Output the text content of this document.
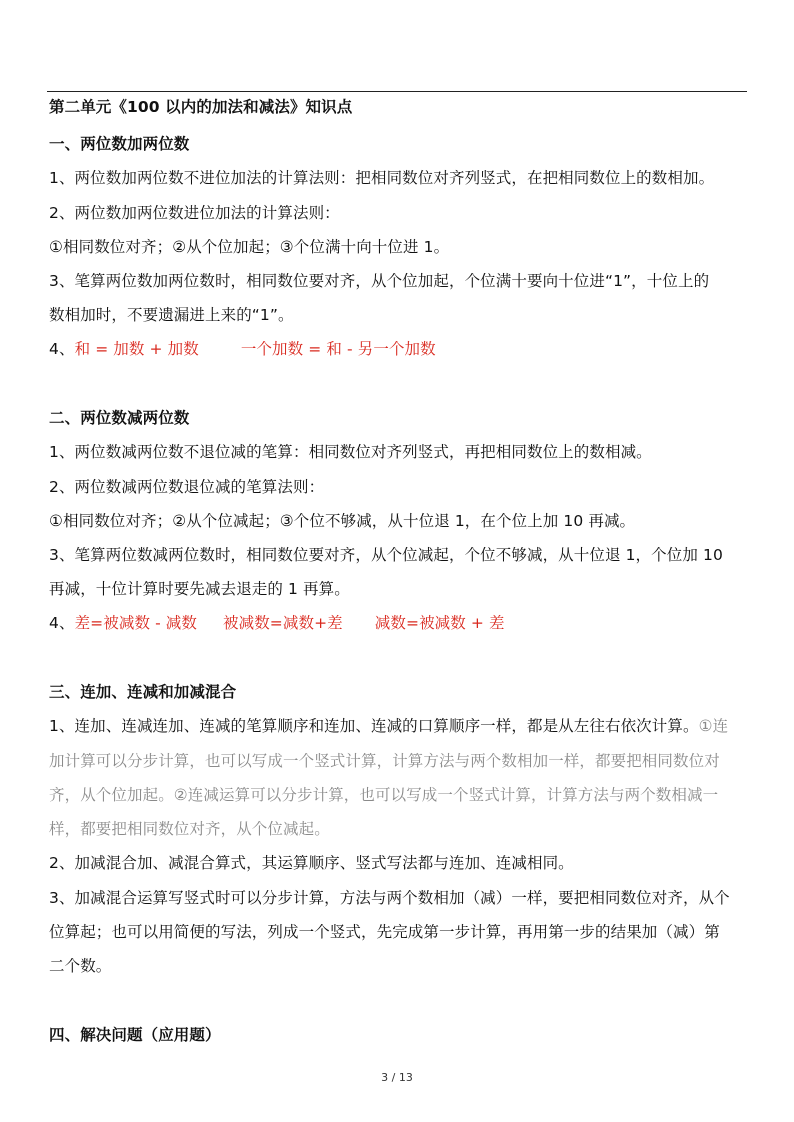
第二单元《100 以内的加法和减法》知识点
一、两位数加两位数
1、两位数加两位数不进位加法的计算法则：把相同数位对齐列竖式，在把相同数位上的数相加。
2、两位数加两位数进位加法的计算法则：
①相同数位对齐；②从个位加起；③个位满十向十位进 1。
3、笔算两位数加两位数时，相同数位要对齐，从个位加起，个位满十要向十位进“1”，十位上的
数相加时，不要遗漏进上来的“1”。
4、和 = 加数 + 加数	一个加数 = 和 - 另一个加数
二、两位数减两位数
1、两位数减两位数不退位减的笔算：相同数位对齐列竖式，再把相同数位上的数相减。
2、两位数减两位数退位减的笔算法则：
①相同数位对齐；②从个位减起；③个位不够减，从十位退 1，在个位上加 10 再减。
3、笔算两位数减两位数时，相同数位要对齐，从个位减起，个位不够减，从十位退 1，个位加 10
再减，十位计算时要先减去退走的 1 再算。
4、差=被减数 - 减数 被减数=减数+差 减数=被减数 + 差
三、连加、连减和加减混合
1、连加、连减连加、连减的笔算顺序和连加、连减的口算顺序一样，都是从左往右依次计算。①连
加计算可以分步计算，也可以写成一个竖式计算，计算方法与两个数相加一样，都要把相同数位对
齐，从个位加起。②连减运算可以分步计算，也可以写成一个竖式计算，计算方法与两个数相减一
样，都要把相同数位对齐，从个位减起。
2、加减混合加、减混合算式，其运算顺序、竖式写法都与连加、连减相同。
3、加减混合运算写竖式时可以分步计算，方法与两个数相加（减）一样，要把相同数位对齐，从个
位算起；也可以用简便的写法，列成一个竖式，先完成第一步计算，再用第一步的结果加（减）第
二个数。
四、解决问题（应用题）
3 / 13
